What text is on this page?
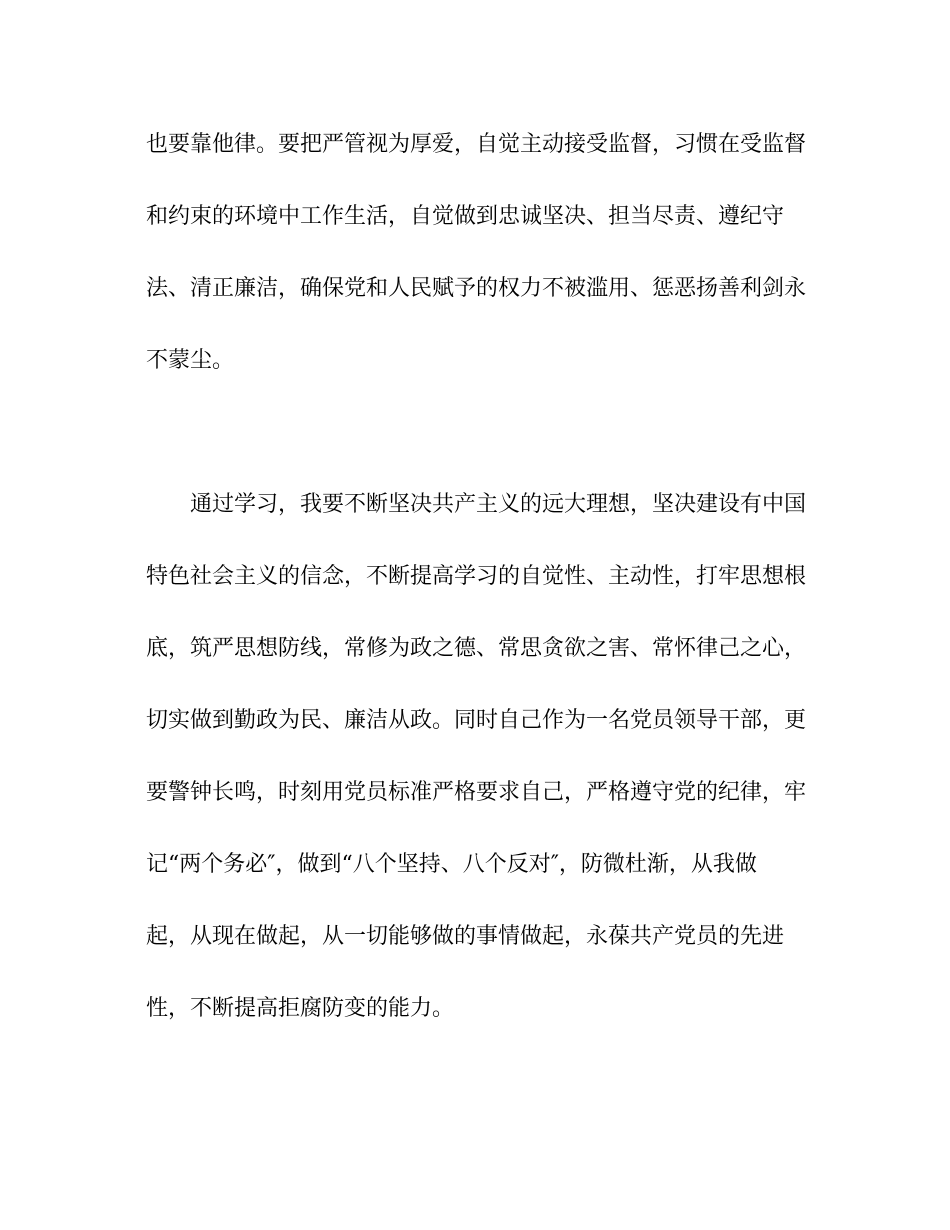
也要靠他律。要把严管视为厚爱，自觉主动接受监督，习惯在受监督
和约束的环境中工作生活，自觉做到忠诚坚决、担当尽责、遵纪守
法、清正廉洁，确保党和人民赋予的权力不被滥用、惩恶扬善利剑永
不蒙尘。
通过学习，我要不断坚决共产主义的远大理想，坚决建设有中国
特色社会主义的信念，不断提高学习的自觉性、主动性，打牢思想根
底，筑严思想防线，常修为政之德、常思贪欲之害、常怀律己之心，
切实做到勤政为民、廉洁从政。同时自己作为一名党员领导干部，更
要警钟长鸣，时刻用党员标准严格要求自己，严格遵守党的纪律，牢
记“两个务必″，做到“八个坚持、八个反对″，防微杜渐，从我做
起，从现在做起，从一切能够做的事情做起，永葆共产党员的先进
性，不断提高拒腐防变的能力。
